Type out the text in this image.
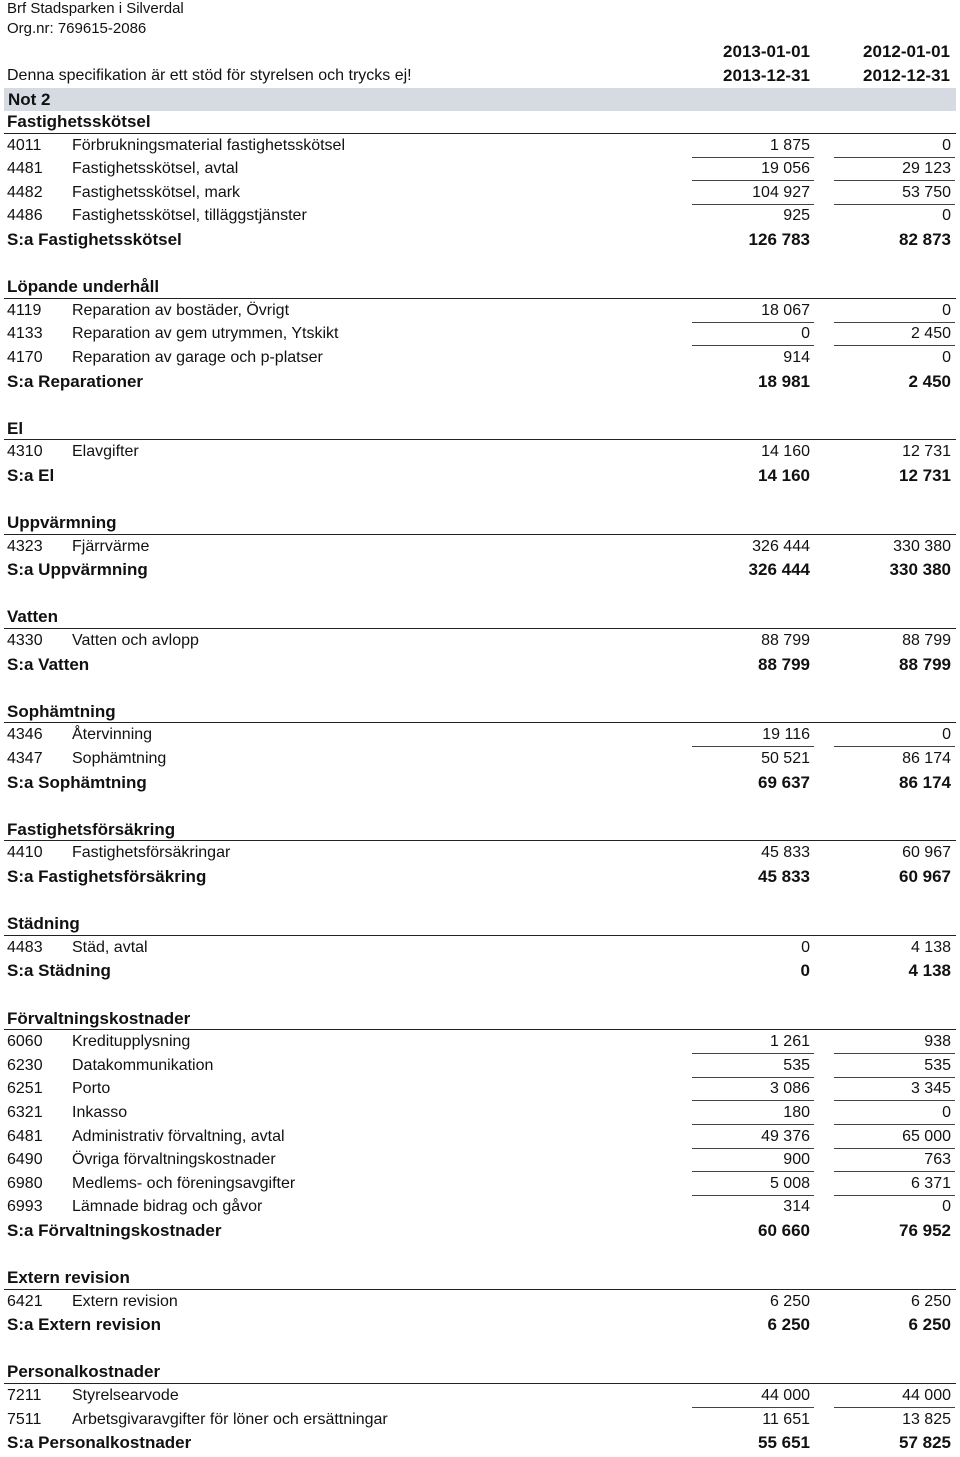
Brf Stadsparken i Silverdal
Org.nr: 769615-2086
2013-01-01	2012-01-01
2013-12-31	2012-12-31
Denna specifikation är ett stöd för styrelsen och trycks ej!
Not 2
Fastighetsskötsel
4011 Förbrukningsmaterial fastighetsskötsel	1 875	0
4481 Fastighetsskötsel, avtal	19 056	29 123
4482 Fastighetsskötsel, mark	104 927	53 750
4486 Fastighetsskötsel, tilläggstjänster	925	0
S:a Fastighetsskötsel	126 783	82 873
Löpande underhåll
4119 Reparation av bostäder, Övrigt	18 067	0
4133 Reparation av gem utrymmen, Ytskikt	0	2 450
4170 Reparation av garage och p-platser	914	0
S:a Reparationer	18 981	2 450
El
4310 Elavgifter	14 160	12 731
S:a El	14 160	12 731
Uppvärmning
4323 Fjärrvärme	326 444	330 380
S:a Uppvärmning	326 444	330 380
Vatten
4330 Vatten och avlopp	88 799	88 799
S:a Vatten	88 799	88 799
Sophämtning
4346 Återvinning	19 116	0
4347 Sophämtning	50 521	86 174
S:a Sophämtning	69 637	86 174
Fastighetsförsäkring
4410 Fastighetsförsäkringar	45 833	60 967
S:a Fastighetsförsäkring	45 833	60 967
Städning
4483 Städ, avtal	0	4 138
S:a Städning	0	4 138
Förvaltningskostnader
6060 Kreditupplysning	1 261	938
6230 Datakommunikation	535	535
6251 Porto	3 086	3 345
6321 Inkasso	180	0
6481 Administrativ förvaltning, avtal	49 376	65 000
6490 Övriga förvaltningskostnader	900	763
6980 Medlems- och föreningsavgifter	5 008	6 371
6993 Lämnade bidrag och gåvor	314	0
S:a Förvaltningskostnader	60 660	76 952
Extern revision
6421 Extern revision	6 250	6 250
S:a Extern revision	6 250	6 250
Personalkostnader
7211 Styrelsearvode	44 000	44 000
7511 Arbetsgivaravgifter för löner och ersättningar	11 651	13 825
S:a Personalkostnader	55 651	57 825
